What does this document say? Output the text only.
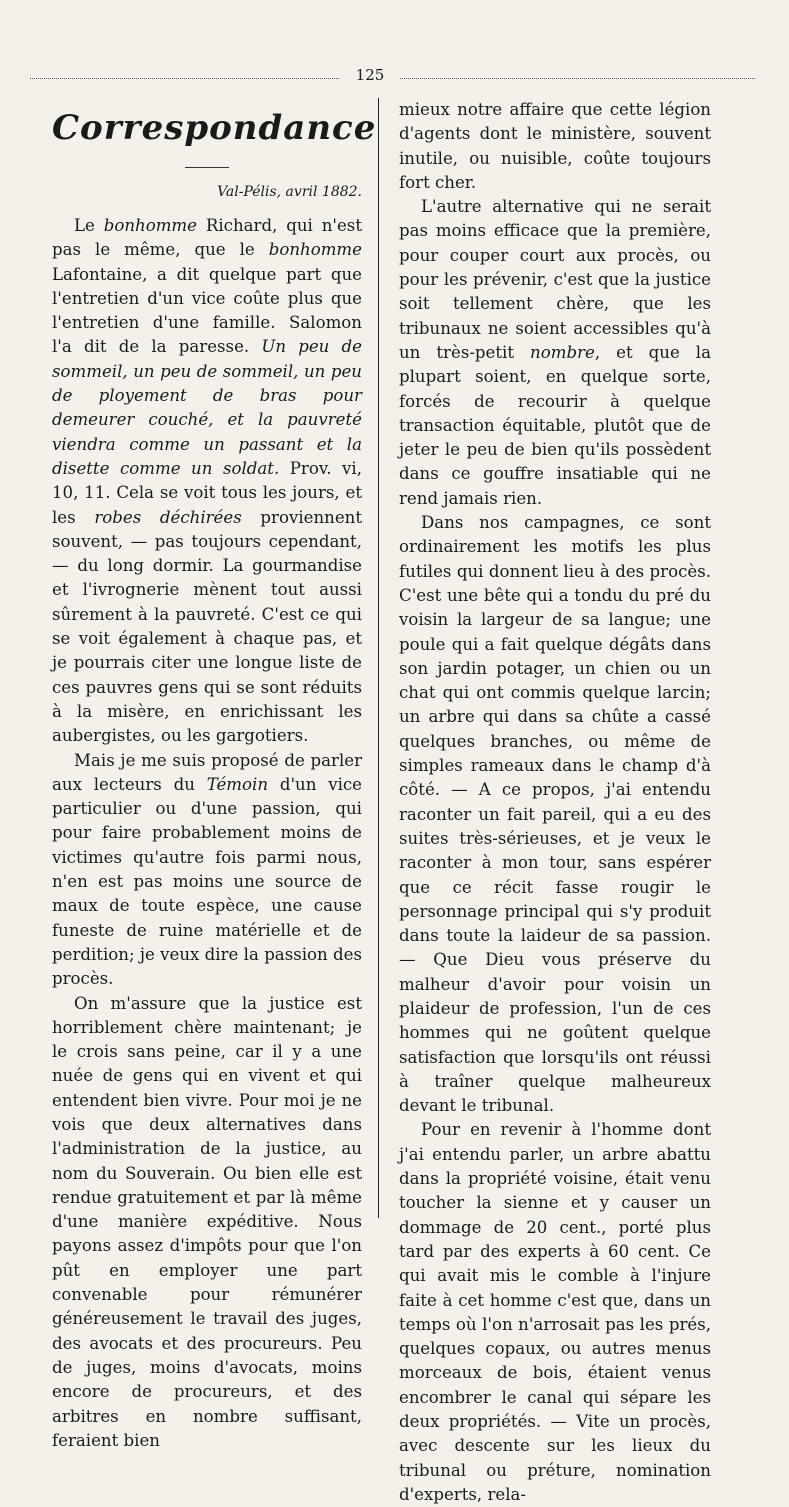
125
Correspondance
Val-Pélis, avril 1882.

Le bonhomme Richard, qui n'est pas le même, que le bonhomme Lafontaine, a dit quelque part que l'entretien d'un vice coûte plus que l'entretien d'une famille. Salomon l'a dit de la paresse. Un peu de sommeil, un peu de sommeil, un peu de ployement de bras pour demeurer couché, et la pauvreté viendra comme un passant et la disette comme un soldat. Prov. vi, 10, 11. Cela se voit tous les jours, et les robes déchirées proviennent souvent, — pas toujours cependant, — du long dormir. La gourmandise et l'ivrognerie mènent tout aussi sûrement à la pauvreté. C'est ce qui se voit également à chaque pas, et je pourrais citer une longue liste de ces pauvres gens qui se sont réduits à la misère, en enrichissant les aubergistes, ou les gargotiers.

Mais je me suis proposé de parler aux lecteurs du Témoin d'un vice particulier ou d'une passion, qui pour faire probablement moins de victimes qu'autre fois parmi nous, n'en est pas moins une source de maux de toute espèce, une cause funeste de ruine matérielle et de perdition; je veux dire la passion des procès.

On m'assure que la justice est horriblement chère maintenant; je le crois sans peine, car il y a une nuée de gens qui en vivent et qui entendent bien vivre. Pour moi je ne vois que deux alternatives dans l'administration de la justice, au nom du Souverain. Ou bien elle est rendue gratuitement et par là même d'une manière expéditive. Nous payons assez d'impôts pour que l'on pût en employer une part convenable pour rémunérer généreusement le travail des juges, des avocats et des procureurs. Peu de juges, moins d'avocats, moins encore de procureurs, et des arbitres en nombre suffisant, feraient bien

mieux notre affaire que cette légion d'agents dont le ministère, souvent inutile, ou nuisible, coûte toujours fort cher.

L'autre alternative qui ne serait pas moins efficace que la première, pour couper court aux procès, ou pour les prévenir, c'est que la justice soit tellement chère, que les tribunaux ne soient accessibles qu'à un très-petit nombre, et que la plupart soient, en quelque sorte, forcés de recourir à quelque transaction équitable, plutôt que de jeter le peu de bien qu'ils possèdent dans ce gouffre insatiable qui ne rend jamais rien.

Dans nos campagnes, ce sont ordinairement les motifs les plus futiles qui donnent lieu à des procès. C'est une bête qui a tondu du pré du voisin la largeur de sa langue; une poule qui a fait quelque dégâts dans son jardin potager, un chien ou un chat qui ont commis quelque larcin; un arbre qui dans sa chûte a cassé quelques branches, ou même de simples rameaux dans le champ d'à côté. — A ce propos, j'ai entendu raconter un fait pareil, qui a eu des suites très-sérieuses, et je veux le raconter à mon tour, sans espérer que ce récit fasse rougir le personnage principal qui s'y produit dans toute la laideur de sa passion. — Que Dieu vous préserve du malheur d'avoir pour voisin un plaideur de profession, l'un de ces hommes qui ne goûtent quelque satisfaction que lorsqu'ils ont réussi à traîner quelque malheureux devant le tribunal.

Pour en revenir à l'homme dont j'ai entendu parler, un arbre abattu dans la propriété voisine, était venu toucher la sienne et y causer un dommage de 20 cent., porté plus tard par des experts à 60 cent. Ce qui avait mis le comble à l'injure faite à cet homme c'est que, dans un temps où l'on n'arrosait pas les prés, quelques copaux, ou autres menus morceaux de bois, étaient venus encombrer le canal qui sépare les deux propriétés. — Vite un procès, avec descente sur les lieux du tribunal ou préture, nomination d'experts, rela-
